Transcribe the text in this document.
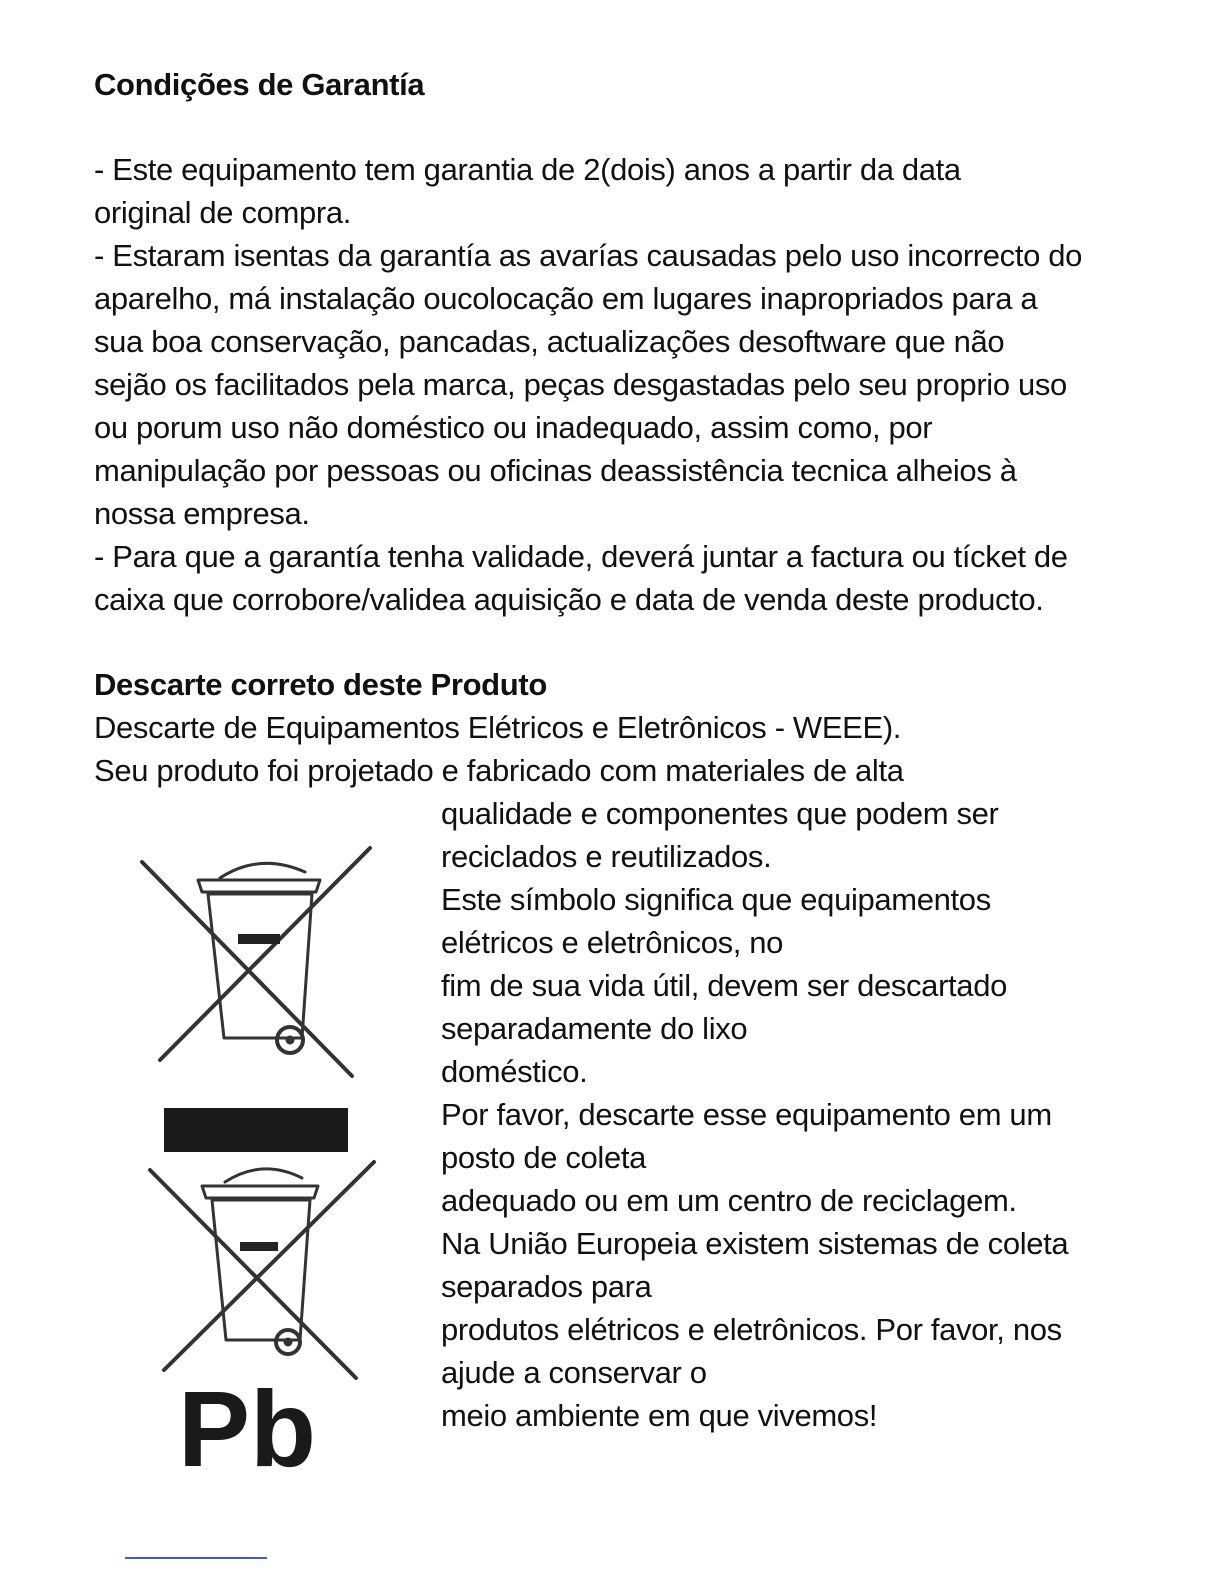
Condições de Garantía
- Este equipamento tem garantia de 2(dois) anos a partir da data
original de compra.
- Estaram isentas da garantía as avarías causadas pelo uso incorrecto do
aparelho, má instalação oucolocação em lugares inapropriados para a
sua boa conservação, pancadas, actualizações desoftware que não
sejão os facilitados pela marca, peças desgastadas pelo seu proprio uso
ou porum uso não doméstico ou inadequado, assim como, por
manipulação por pessoas ou oficinas deassistência tecnica alheios à
nossa empresa.
- Para que a garantía tenha validade, deverá juntar a factura ou tícket de
caixa que corrobore/validea aquisição e data de venda deste producto.
Descarte correto deste Produto
Descarte de Equipamentos Elétricos e Eletrônicos - WEEE).
Seu produto foi projetado e fabricado com materiales de alta
qualidade e componentes que podem ser
reciclados e reutilizados.
Este símbolo significa que equipamentos
elétricos e eletrônicos, no
fim de sua vida útil, devem ser descartado
separadamente do lixo
doméstico.
Por favor, descarte esse equipamento em um
posto de coleta
adequado ou em um centro de reciclagem.
Na União Europeia existem sistemas de coleta
separados para
produtos elétricos e eletrônicos. Por favor, nos
ajude a conservar o
meio ambiente em que vivemos!
Pb
